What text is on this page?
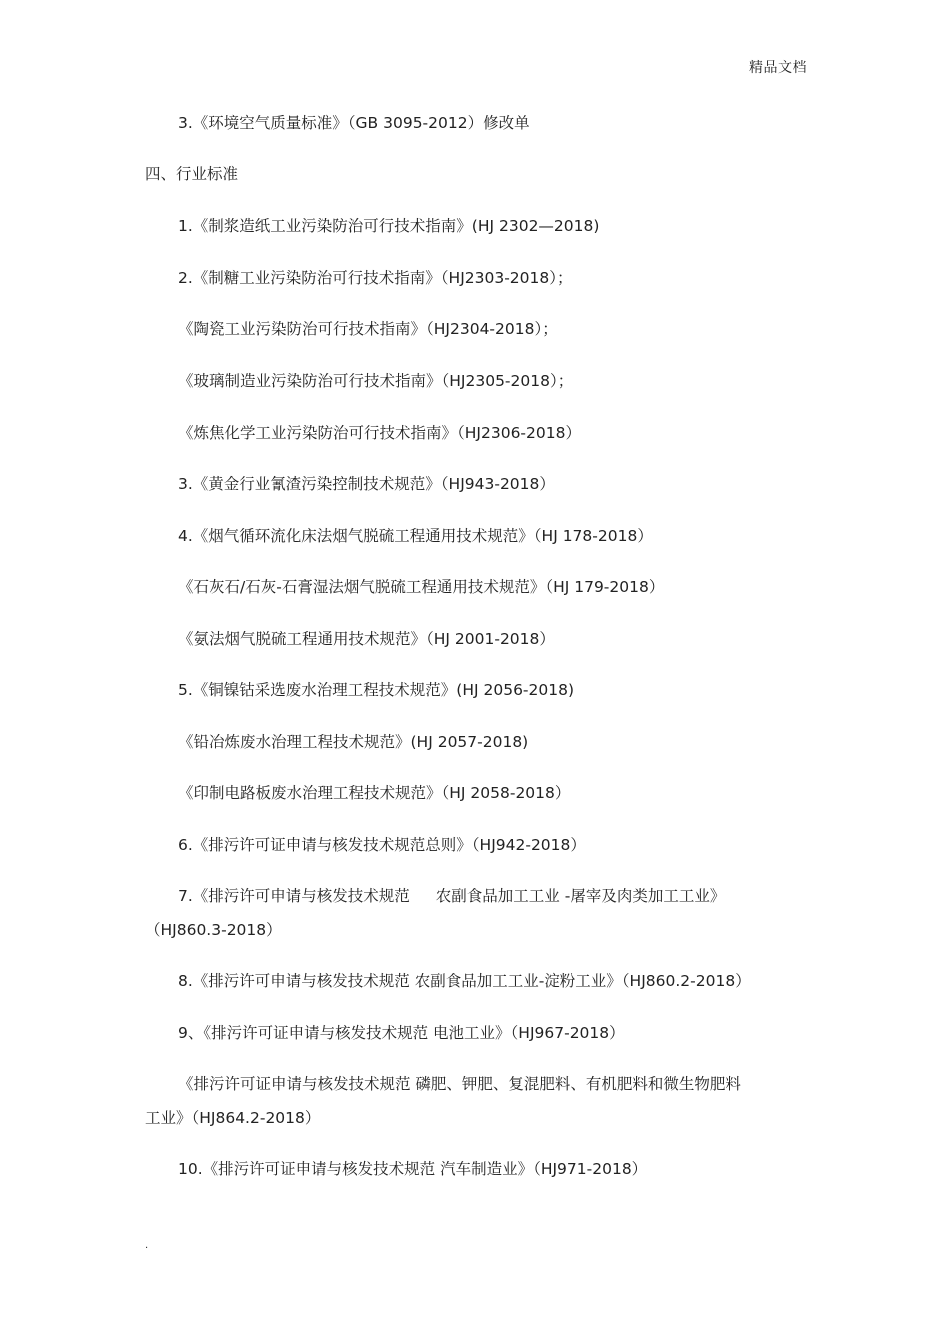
精品文档
3.《环境空气质量标准》（GB 3095-2012）修改单
四、行业标准
1.《制浆造纸工业污染防治可行技术指南》(HJ 2302—2018)
2.《制糖工业污染防治可行技术指南》（HJ2303-2018）；
《陶瓷工业污染防治可行技术指南》（HJ2304-2018）；
《玻璃制造业污染防治可行技术指南》（HJ2305-2018）；
《炼焦化学工业污染防治可行技术指南》（HJ2306-2018）
3.《黄金行业氰渣污染控制技术规范》（HJ943-2018）
4.《烟气循环流化床法烟气脱硫工程通用技术规范》（HJ 178-2018）
《石灰石/石灰-石膏湿法烟气脱硫工程通用技术规范》（HJ 179-2018）
《氨法烟气脱硫工程通用技术规范》（HJ 2001-2018）
5.《铜镍钴采选废水治理工程技术规范》(HJ 2056-2018)
《铅冶炼废水治理工程技术规范》(HJ 2057-2018)
《印制电路板废水治理工程技术规范》（HJ 2058-2018）
6.《排污许可证申请与核发技术规范总则》（HJ942-2018）
7.《排污许可申请与核发技术规范 农副食品加工工业 -屠宰及肉类加工工业》
（HJ860.3-2018）
8.《排污许可申请与核发技术规范 农副食品加工工业-淀粉工业》（HJ860.2-2018）
9、《排污许可证申请与核发技术规范 电池工业》（HJ967-2018）
《排污许可证申请与核发技术规范 磷肥、钾肥、复混肥料、有机肥料和微生物肥料
工业》（HJ864.2-2018）
10.《排污许可证申请与核发技术规范 汽车制造业》（HJ971-2018）
.
